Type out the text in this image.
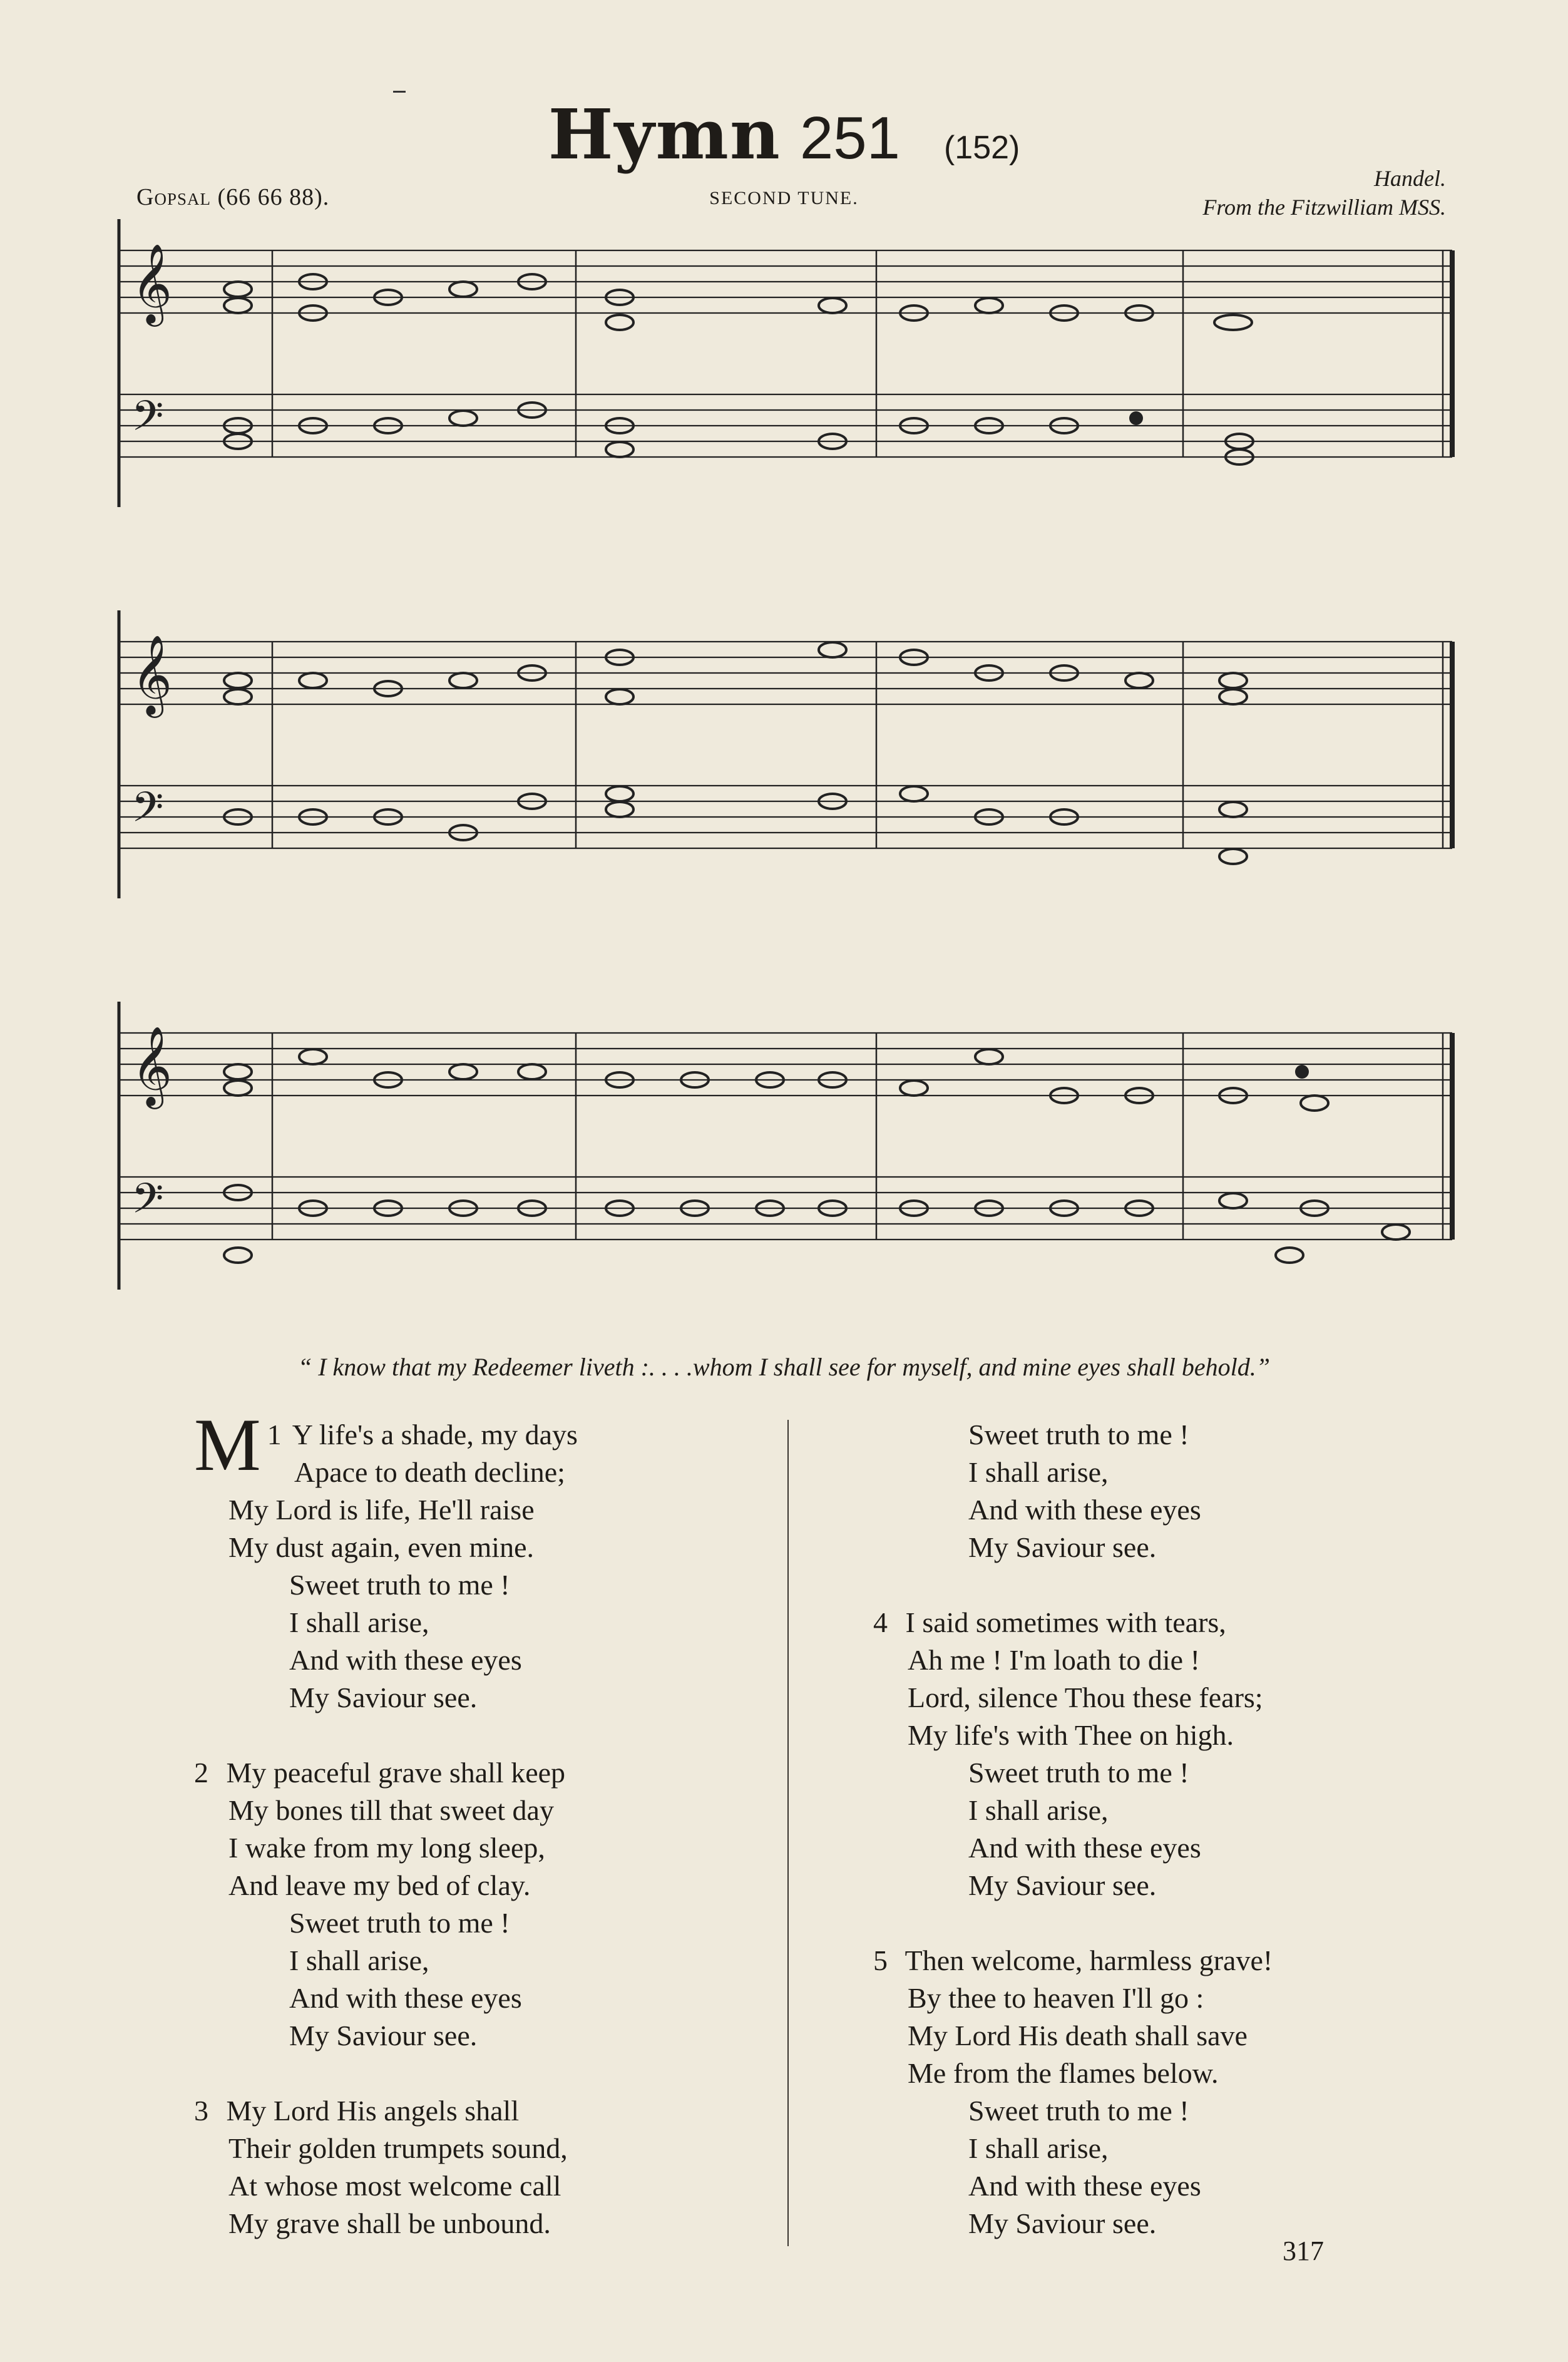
Hymn 251 (152)
Gopsal (66 66 88).	SECOND TUNE.
Handel.
From the Fitzwilliam MSS.
𝄞
𝄢
𝄞
𝄢
𝄞
𝄢
“ I know that my Redeemer liveth :. . . .whom I shall see for myself, and mine eyes shall behold.”
1
M Y life's a shade, my days
Apace to death decline;
My Lord is life, He'll raise
My dust again, even mine.
Sweet truth to me !
I shall arise,
And with these eyes
My Saviour see.
2 My peaceful grave shall keep
My bones till that sweet day
I wake from my long sleep,
And leave my bed of clay.
Sweet truth to me !
I shall arise,
And with these eyes
My Saviour see.
3 My Lord His angels shall
Their golden trumpets sound,
At whose most welcome call
My grave shall be unbound.
Sweet truth to me !
I shall arise,
And with these eyes
My Saviour see.
4 I said sometimes with tears,
Ah me ! I'm loath to die !
Lord, silence Thou these fears;
My life's with Thee on high.
Sweet truth to me !
I shall arise,
And with these eyes
My Saviour see.
5 Then welcome, harmless grave!
By thee to heaven I'll go :
My Lord His death shall save
Me from the flames below.
Sweet truth to me !
I shall arise,
And with these eyes
My Saviour see.
317
